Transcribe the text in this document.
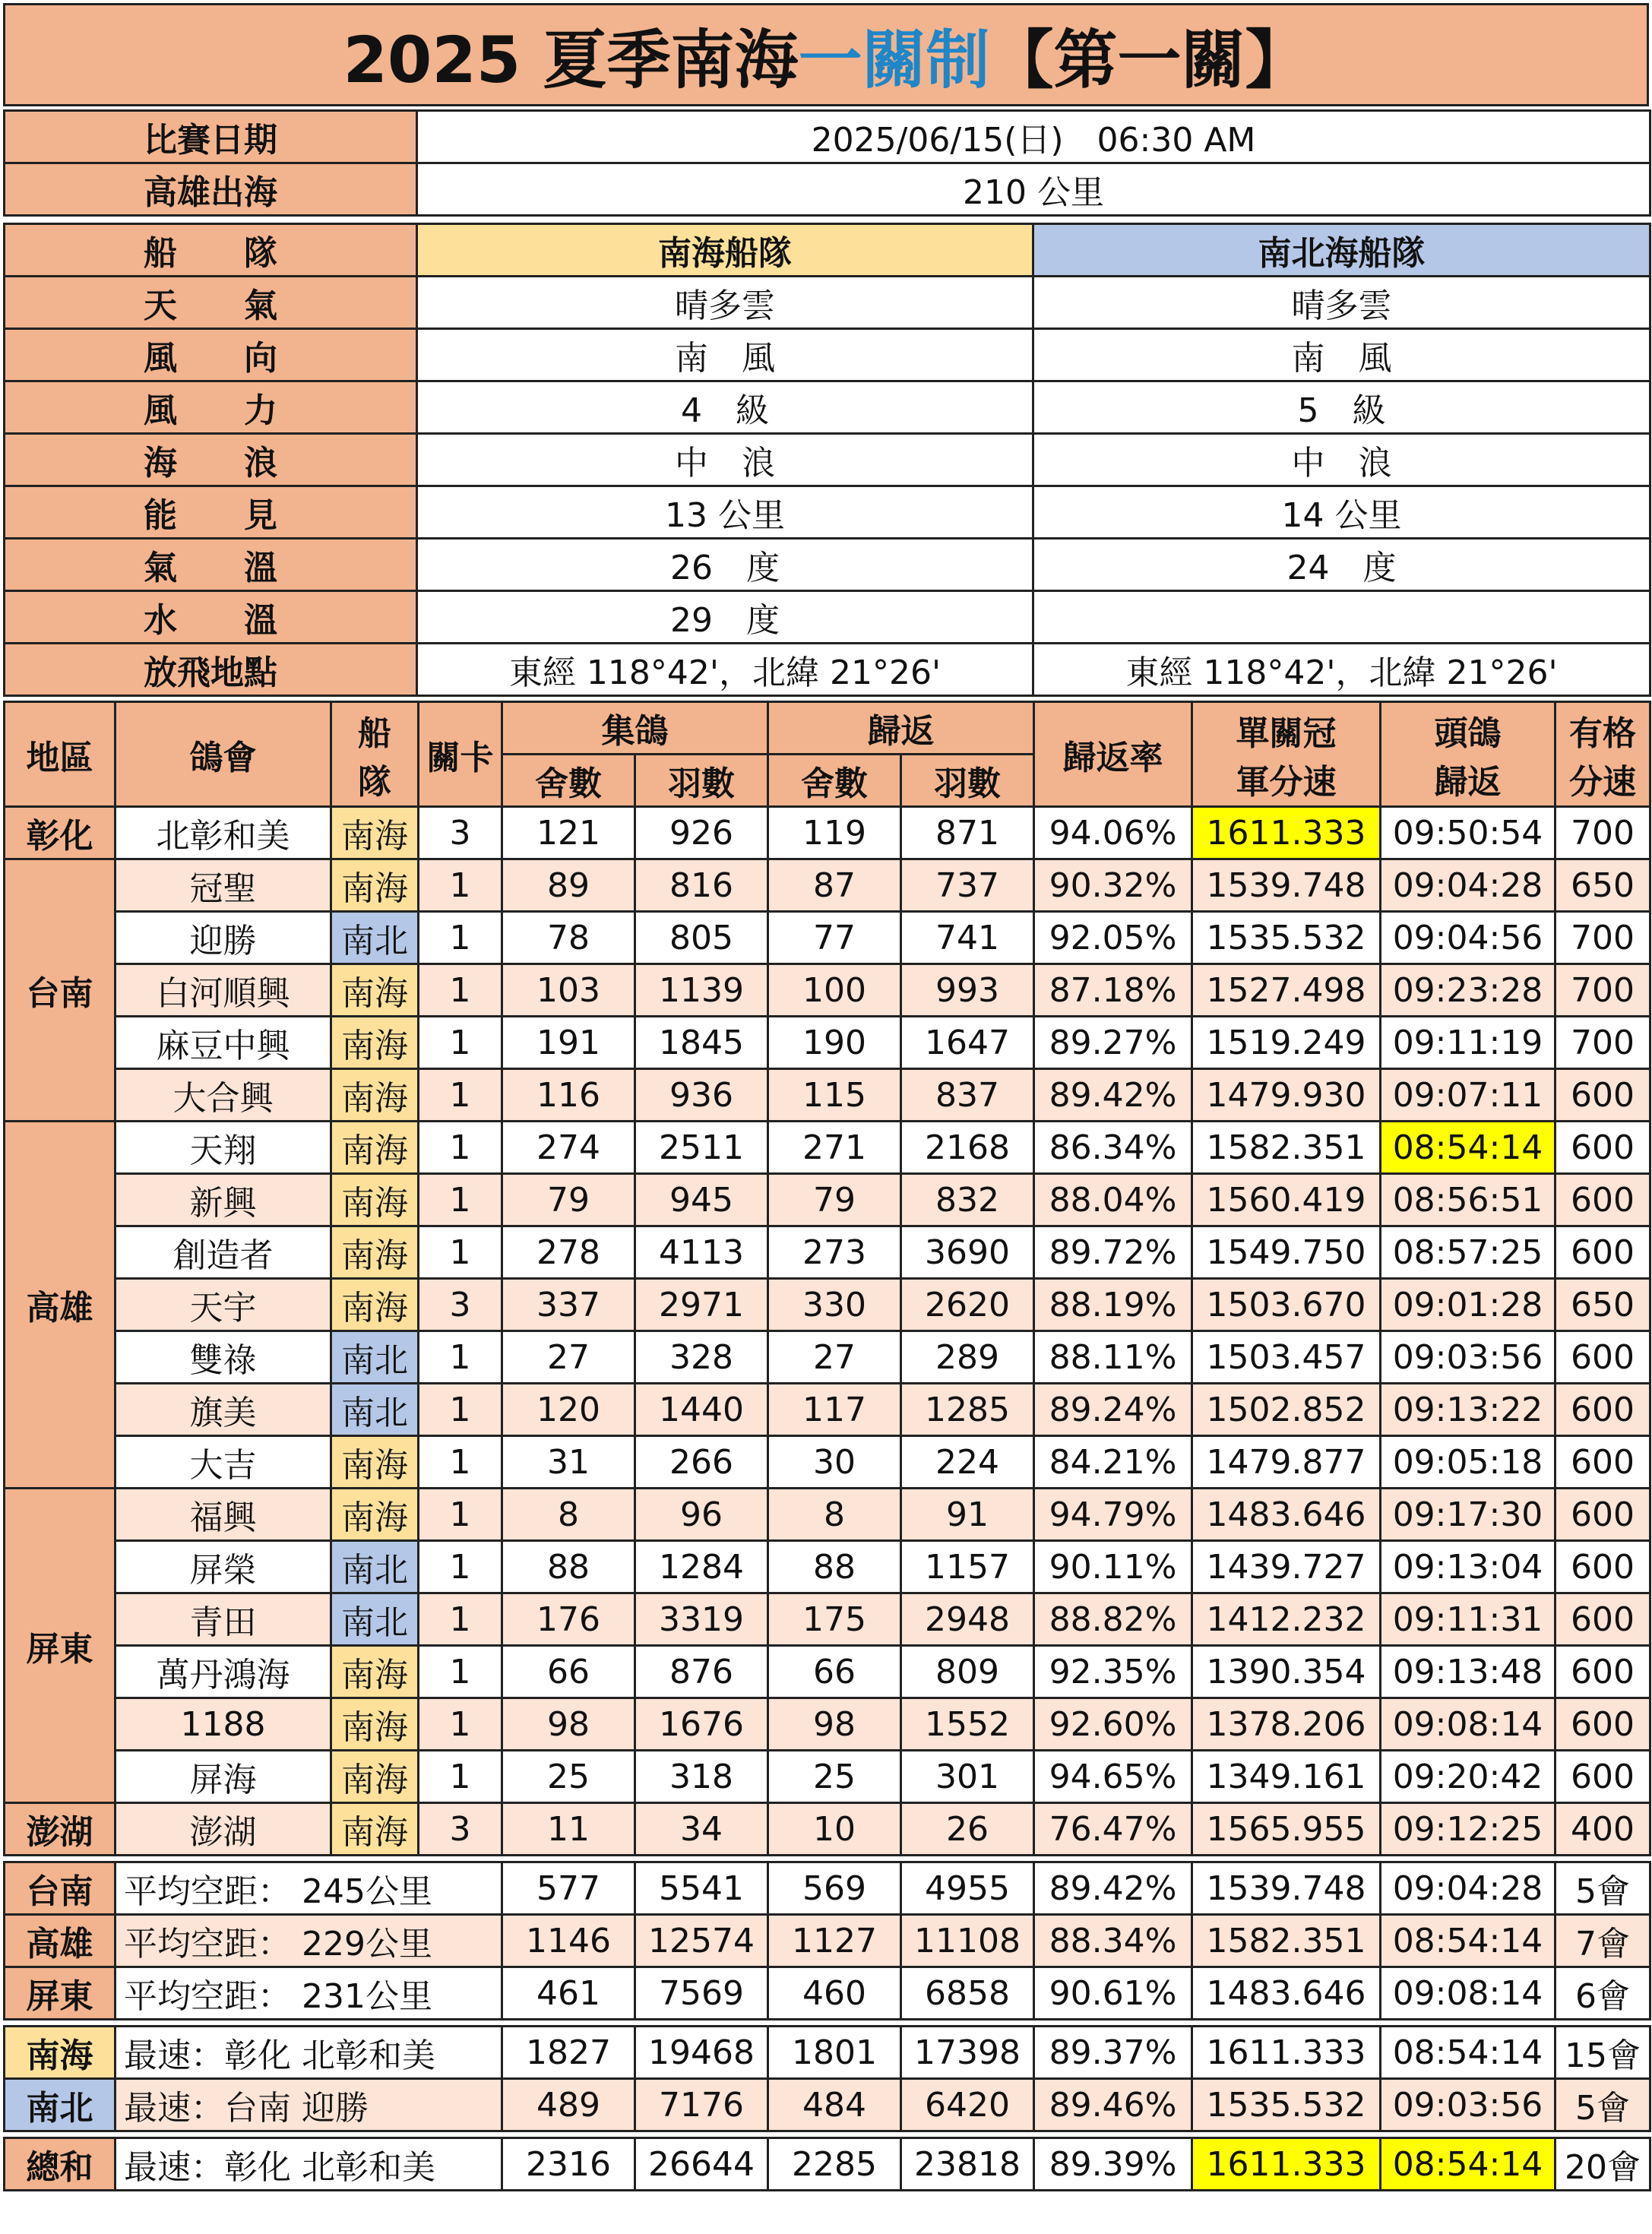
2025 夏季南海一關制【第一關】
比賽日期	2025/06/15(日)　06:30 AM	
高雄出海	210 公里	

船　　隊	南海船隊	南北海船隊
天　　氣	晴多雲	晴多雲
風　　向	南　風	南　風
風　　力	4　級	5　級
海　　浪	中　浪	中　浪
能　　見	13 公里	14 公里
氣　　溫	26　度	24　度
水　　溫	29　度	
放飛地點	東經 118°42'，北緯 21°26'	東經 118°42'，北緯 21°26'
地區	鴿會	船隊	關卡	集鴿		歸返		歸返率	單關冠軍分速	頭鴿歸返	有格分速
				舍數	羽數	舍數	羽數				
彰化	北彰和美	南海	3	121	926	119	871	94.06%	1611.333	09:50:54	700
台南	冠聖	南海	1	89	816	87	737	90.32%	1539.748	09:04:28	650
	迎勝	南北	1	78	805	77	741	92.05%	1535.532	09:04:56	700
	白河順興	南海	1	103	1139	100	993	87.18%	1527.498	09:23:28	700
	麻豆中興	南海	1	191	1845	190	1647	89.27%	1519.249	09:11:19	700
	大合興	南海	1	116	936	115	837	89.42%	1479.930	09:07:11	600
高雄	天翔	南海	1	274	2511	271	2168	86.34%	1582.351	08:54:14	600
	新興	南海	1	79	945	79	832	88.04%	1560.419	08:56:51	600
	創造者	南海	1	278	4113	273	3690	89.72%	1549.750	08:57:25	600
	天宇	南海	3	337	2971	330	2620	88.19%	1503.670	09:01:28	650
	雙祿	南北	1	27	328	27	289	88.11%	1503.457	09:03:56	600
	旗美	南北	1	120	1440	117	1285	89.24%	1502.852	09:13:22	600
	大吉	南海	1	31	266	30	224	84.21%	1479.877	09:05:18	600
屏東	福興	南海	1	8	96	8	91	94.79%	1483.646	09:17:30	600
	屏榮	南北	1	88	1284	88	1157	90.11%	1439.727	09:13:04	600
	青田	南北	1	176	3319	175	2948	88.82%	1412.232	09:11:31	600
	萬丹鴻海	南海	1	66	876	66	809	92.35%	1390.354	09:13:48	600
	1188	南海	1	98	1676	98	1552	92.60%	1378.206	09:08:14	600
	屏海	南海	1	25	318	25	301	94.65%	1349.161	09:20:42	600
澎湖	澎湖	南海	3	11	34	10	26	76.47%	1565.955	09:12:25	400

台南	平均空距： 245公里			577	5541	569	4955	89.42%	1539.748	09:04:28	5會
高雄	平均空距： 229公里			1146	12574	1127	11108	88.34%	1582.351	08:54:14	7會
屏東	平均空距： 231公里			461	7569	460	6858	90.61%	1483.646	09:08:14	6會

南海	最速：彰化 北彰和美			1827	19468	1801	17398	89.37%	1611.333	08:54:14	15會
南北	最速：台南 迎勝			489	7176	484	6420	89.46%	1535.532	09:03:56	5會

總和	最速：彰化 北彰和美			2316	26644	2285	23818	89.39%	1611.333	08:54:14	20會
